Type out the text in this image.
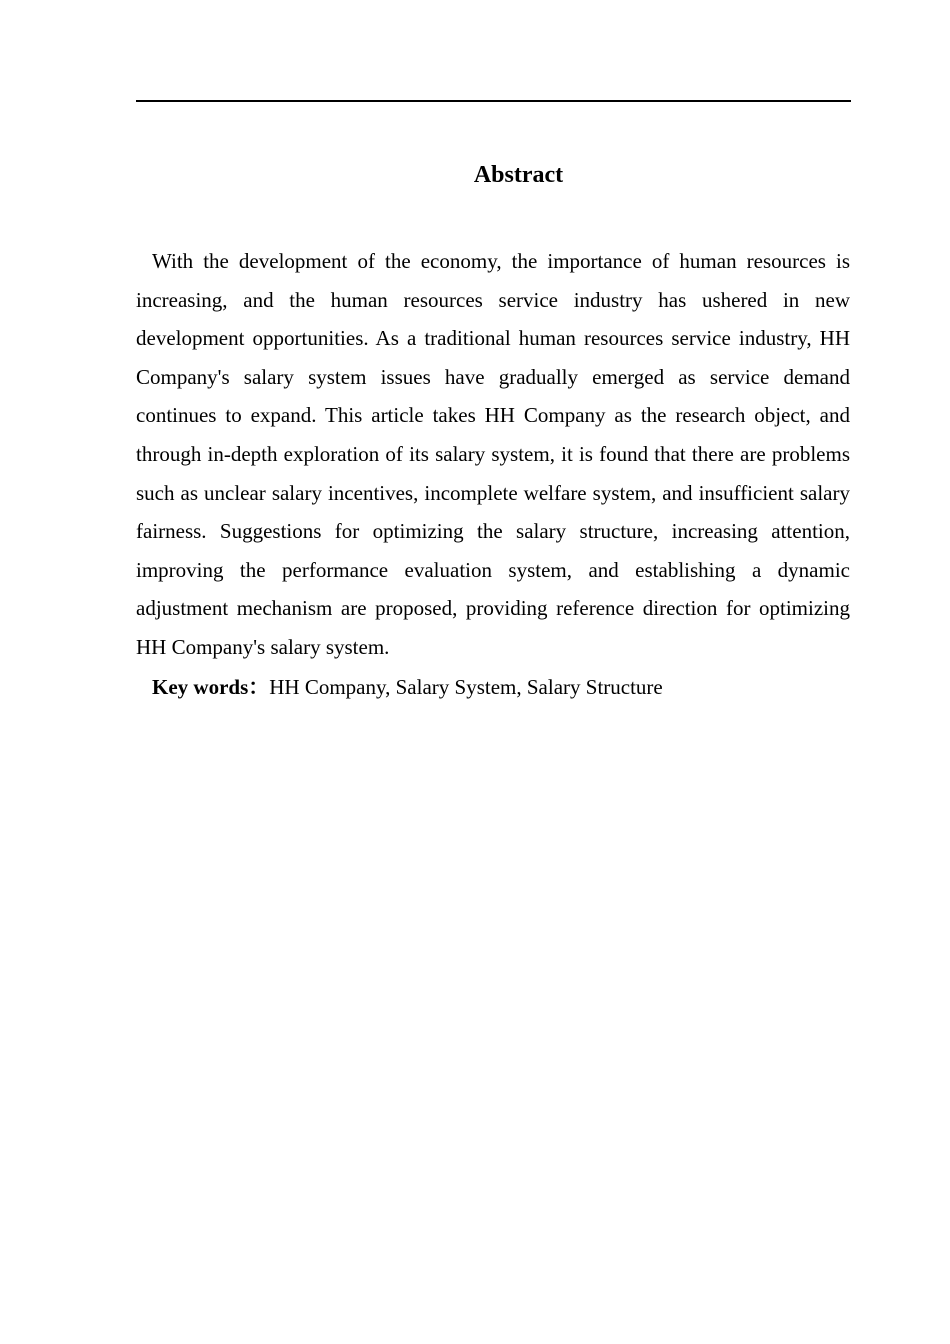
Abstract

With the development of the economy, the importance of human resources is increasing, and the human resources service industry has ushered in new development opportunities. As a traditional human resources service industry, HH Company's salary system issues have gradually emerged as service demand continues to expand. This article takes HH Company as the research object, and through in-depth exploration of its salary system, it is found that there are problems such as unclear salary incentives, incomplete welfare system, and insufficient salary fairness. Suggestions for optimizing the salary structure, increasing attention, improving the performance evaluation system, and establishing a dynamic adjustment mechanism are proposed, providing reference direction for optimizing HH Company's salary system.

Key words：HH Company, Salary System, Salary Structure
